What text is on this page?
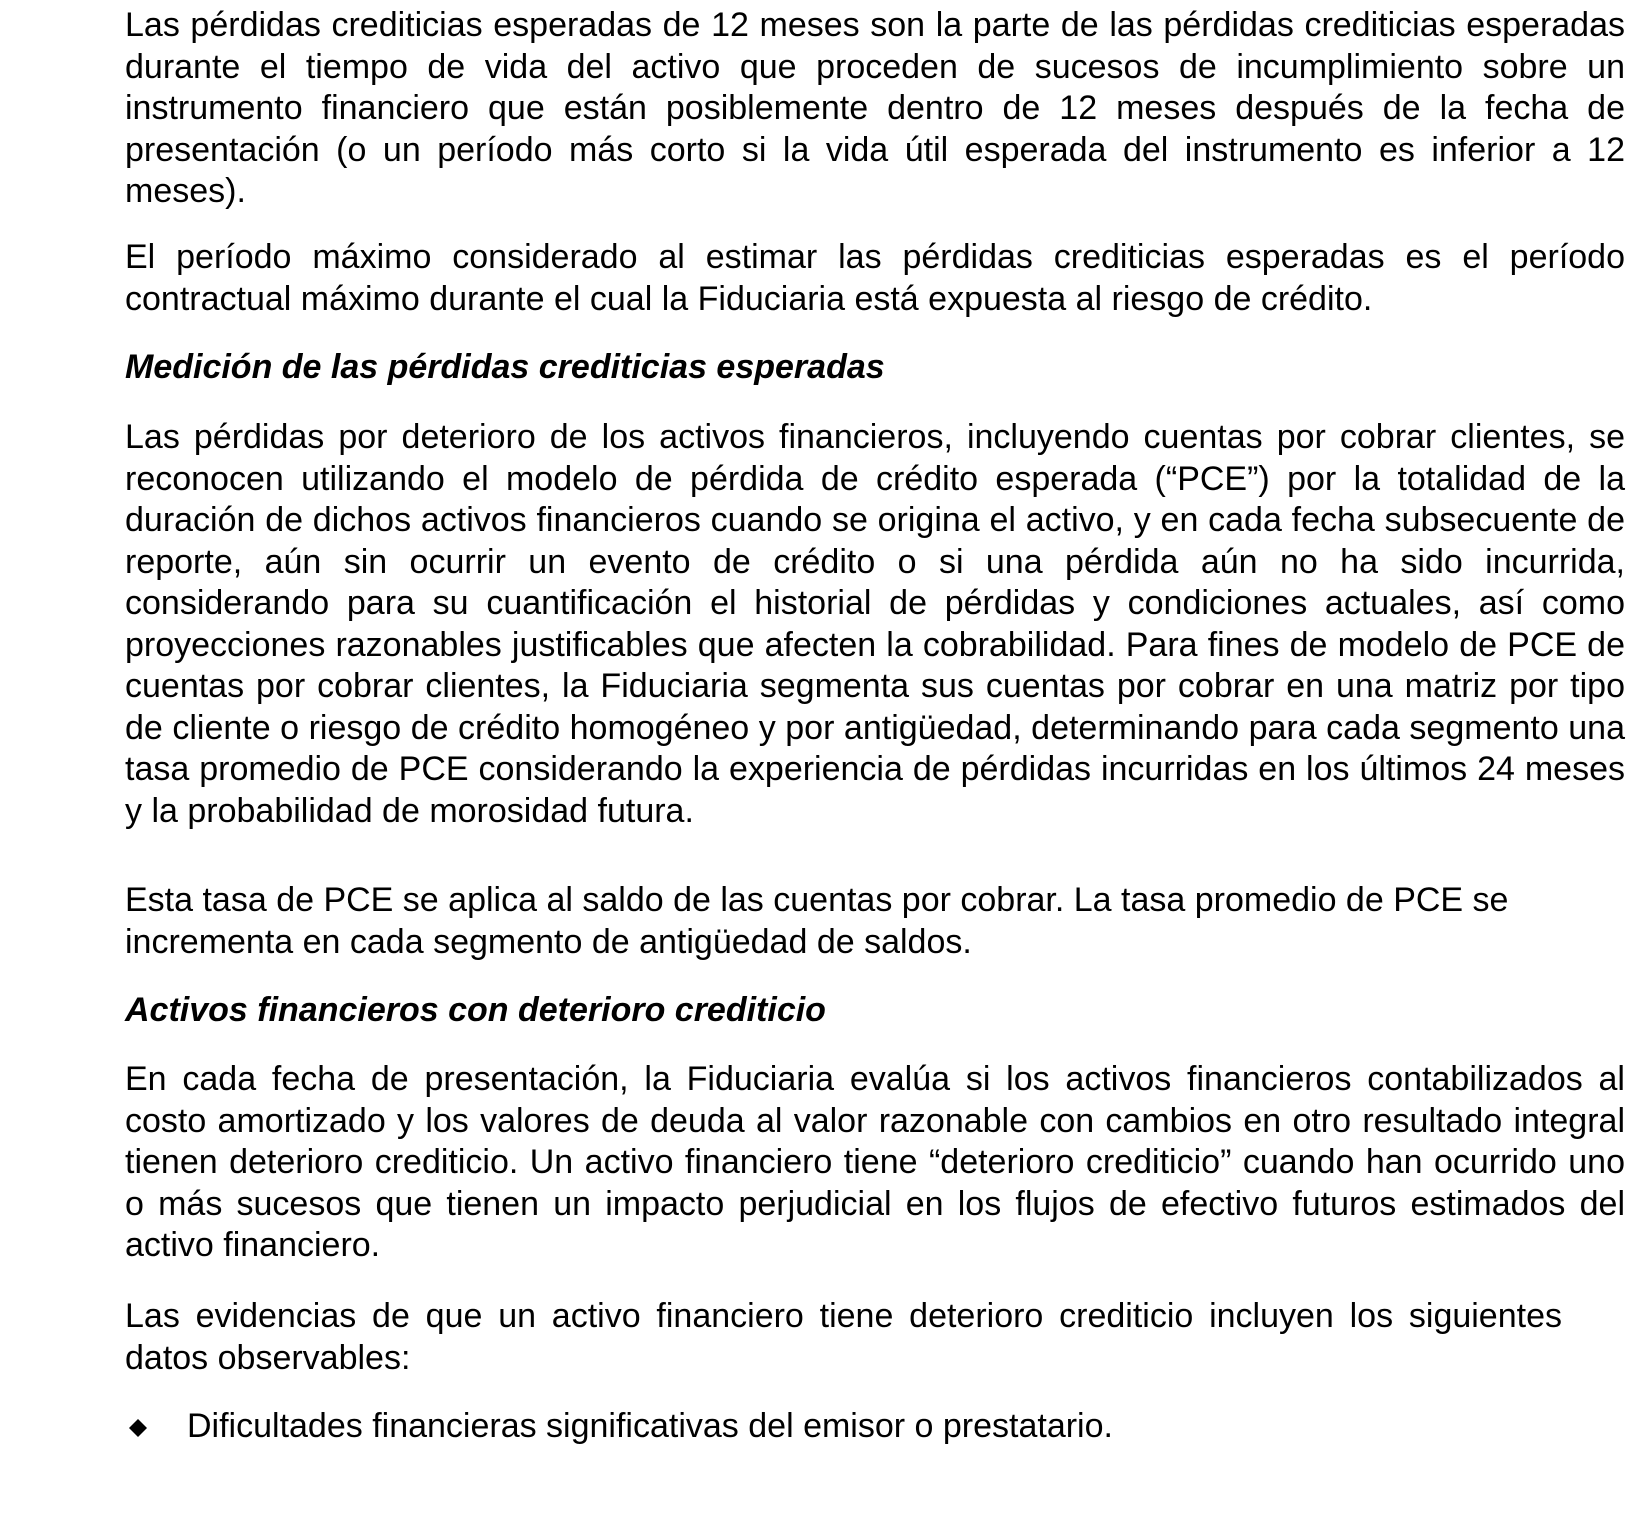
Las pérdidas crediticias esperadas de 12 meses son la parte de las pérdidas crediticias esperadas durante el tiempo de vida del activo que proceden de sucesos de incumplimiento sobre un instrumento financiero que están posiblemente dentro de 12 meses después de la fecha de presentación (o un período más corto si la vida útil esperada del instrumento es inferior a 12 meses).

El período máximo considerado al estimar las pérdidas crediticias esperadas es el período contractual máximo durante el cual la Fiduciaria está expuesta al riesgo de crédito.

Medición de las pérdidas crediticias esperadas

Las pérdidas por deterioro de los activos financieros, incluyendo cuentas por cobrar clientes, se reconocen utilizando el modelo de pérdida de crédito esperada (“PCE”) por la totalidad de la duración de dichos activos financieros cuando se origina el activo, y en cada fecha subsecuente de reporte, aún sin ocurrir un evento de crédito o si una pérdida aún no ha sido incurrida, considerando para su cuantificación el historial de pérdidas y condiciones actuales, así como proyecciones razonables justificables que afecten la cobrabilidad. Para fines de modelo de PCE de cuentas por cobrar clientes, la Fiduciaria segmenta sus cuentas por cobrar en una matriz por tipo de cliente o riesgo de crédito homogéneo y por antigüedad, determinando para cada segmento una tasa promedio de PCE considerando la experiencia de pérdidas incurridas en los últimos 24 meses y la probabilidad de morosidad futura.

Esta tasa de PCE se aplica al saldo de las cuentas por cobrar. La tasa promedio de PCE se incrementa en cada segmento de antigüedad de saldos.

Activos financieros con deterioro crediticio

En cada fecha de presentación, la Fiduciaria evalúa si los activos financieros contabilizados al costo amortizado y los valores de deuda al valor razonable con cambios en otro resultado integral tienen deterioro crediticio. Un activo financiero tiene “deterioro crediticio” cuando han ocurrido uno o más sucesos que tienen un impacto perjudicial en los flujos de efectivo futuros estimados del activo financiero.

Las evidencias de que un activo financiero tiene deterioro crediticio incluyen los siguientes datos observables:

Dificultades financieras significativas del emisor o prestatario.
